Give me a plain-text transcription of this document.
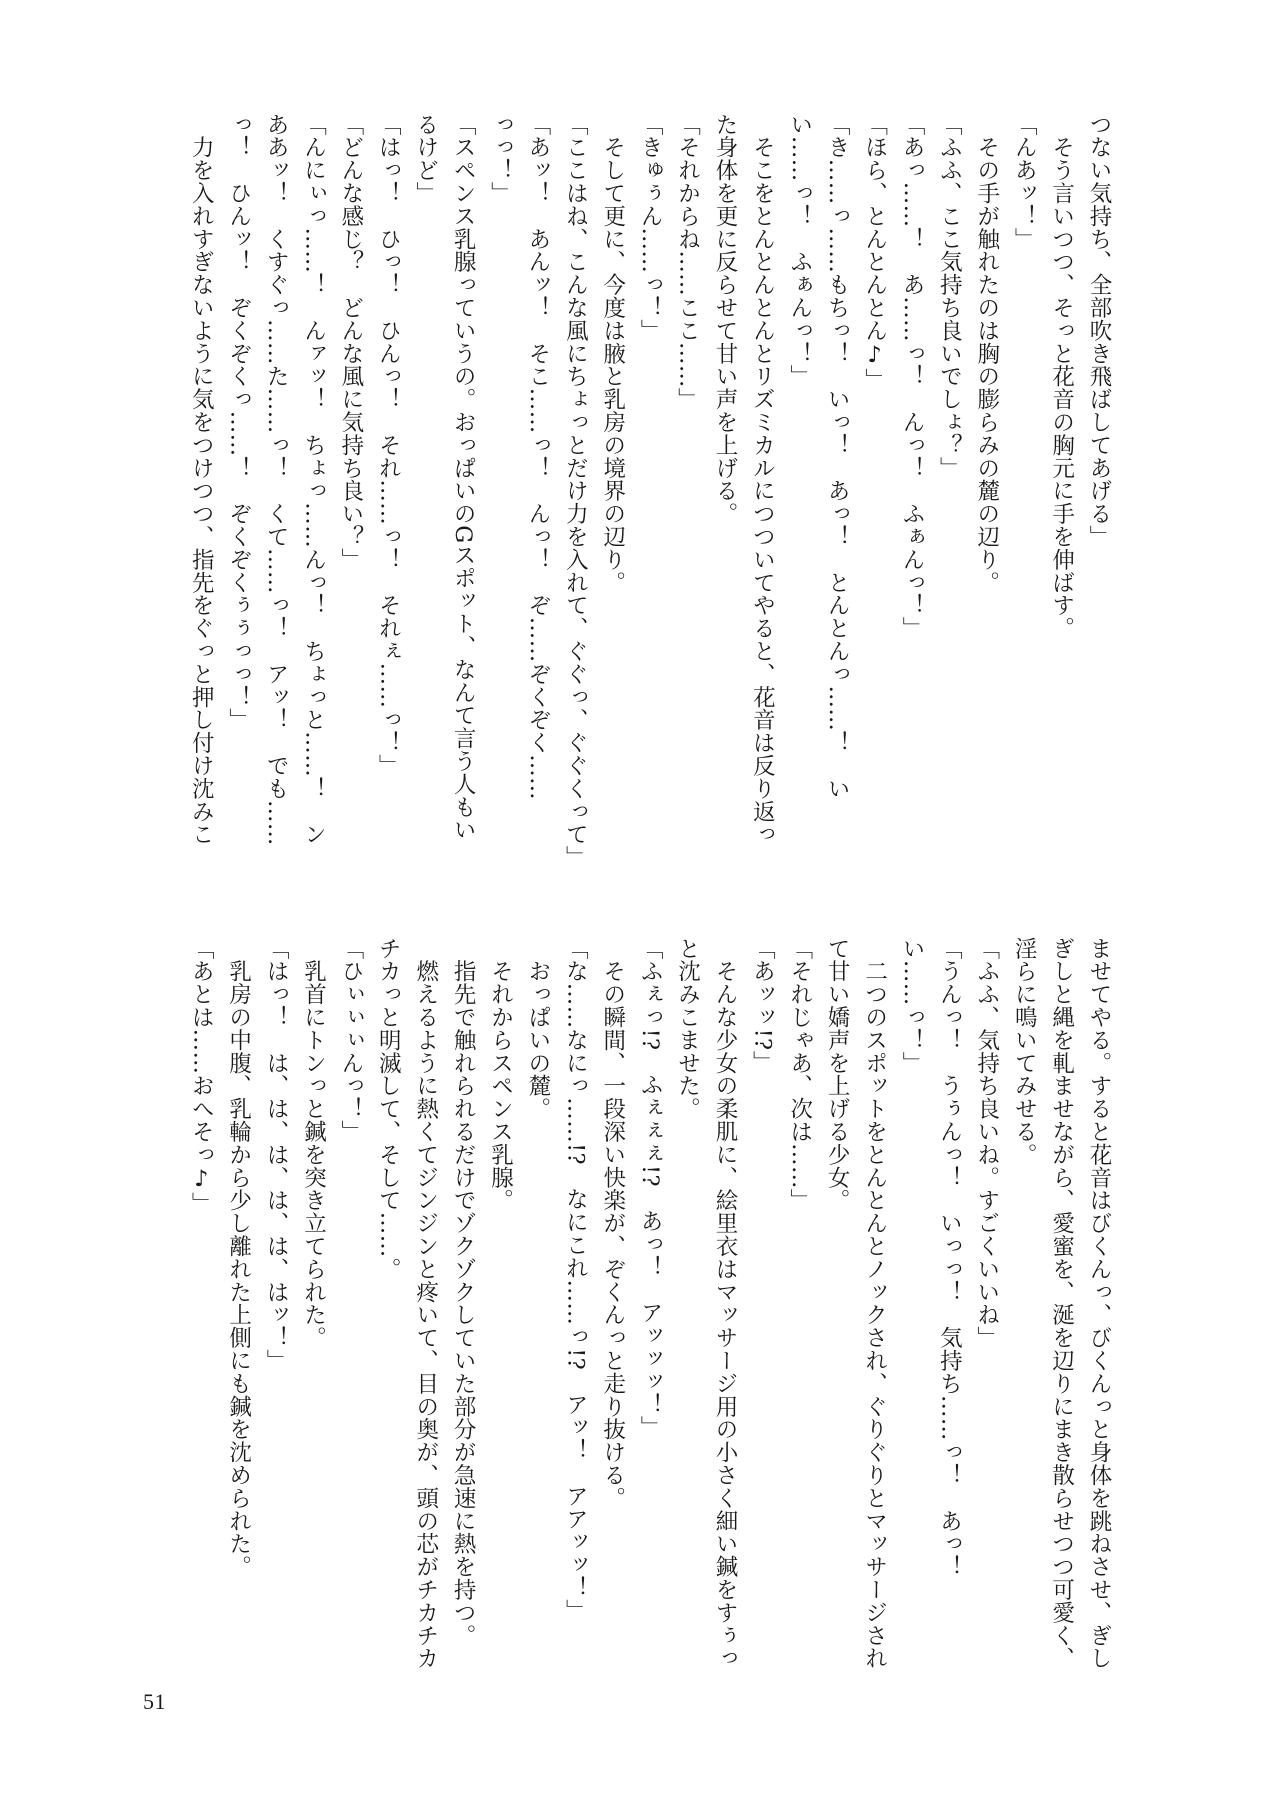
つない気持ち、全部吹き飛ばしてあげる」

　そう言いつつ、そっと花音の胸元に手を伸ばす。

「んあッ！」

　その手が触れたのは胸の膨らみの麓の辺り。

「ふふ、ここ気持ち良いでしょ？」

「あっ……！　あ……っ！　んっ！　ふぁんっ！」

「ほら、とんとんとん♪」

「き……っ……もちっ！　いっ！　あっ！　とんとんっ……！　い

い……っ！　ふぁんっ！」

　そこをとんとんとんとリズミカルにつついてやると、花音は反り返っ

た身体を更に反らせて甘い声を上げる。

「それからね……ここ……」

「きゅぅん……っ！」

　そして更に、今度は腋と乳房の境界の辺り。

「ここはね、こんな風にちょっとだけ力を入れて、ぐぐっ、ぐぐくって」

「あッ！　あんッ！　そこ……っ！　んっ！　ぞ……ぞくぞく……

っっ！」

「スペンス乳腺っていうの。おっぱいのGスポット、なんて言う人もい

るけど」

「はっ！　ひっ！　ひんっ！　それ……っ！　それぇ……っ！」

「どんな感じ？　どんな風に気持ち良い？」

「んにぃっ……！　んァッ！　ちょっ……んっ！　ちょっと……！　ン

ああッ！　くすぐっ……た……っ！　くて……っ！　アッ！　でも……

っ！　ひんッ！　ぞくぞくっ……！　ぞくぞくぅぅっっ！」

　力を入れすぎないように気をつけつつ、指先をぐっと押し付け沈みこ

ませてやる。すると花音はびくんっ、びくんっと身体を跳ねさせ、ぎし

ぎしと縄を軋ませながら、愛蜜を、涎を辺りにまき散らせつつ可愛く、

淫らに鳴いてみせる。

「ふふ、気持ち良いね。すごくいいね」

「うんっ！　うぅんっ！　いっっ！　気持ち……っ！　あっ！

い……っ！」

　二つのスポットをとんとんとノックされ、ぐりぐりとマッサージされ

て甘い嬌声を上げる少女。

「それじゃあ、次は……」

「あッッ!?」

　そんな少女の柔肌に、絵里衣はマッサージ用の小さく細い鍼をすぅっ

と沈みこませた。

「ふぇっ!?　ふぇぇぇ!?　あっ！　アッッッ！」

　その瞬間、一段深い快楽が、ぞくんっと走り抜ける。

「な……なにっ……!?　なにこれ……っ!?　アッ！　アアッッ！」

　おっぱいの麓。

　それからスペンス乳腺。

　指先で触れられるだけでゾクゾクしていた部分が急速に熱を持つ。

　燃えるように熱くてジンジンと疼いて、目の奥が、頭の芯がチカチカ

チカっと明滅して、そして……。

「ひぃぃぃんっ！」

　乳首にトンっと鍼を突き立てられた。

「はっ！　は、は、は、は、は、はッ！」

　乳房の中腹、乳輪から少し離れた上側にも鍼を沈められた。

「あとは……おへそっ♪」

51
